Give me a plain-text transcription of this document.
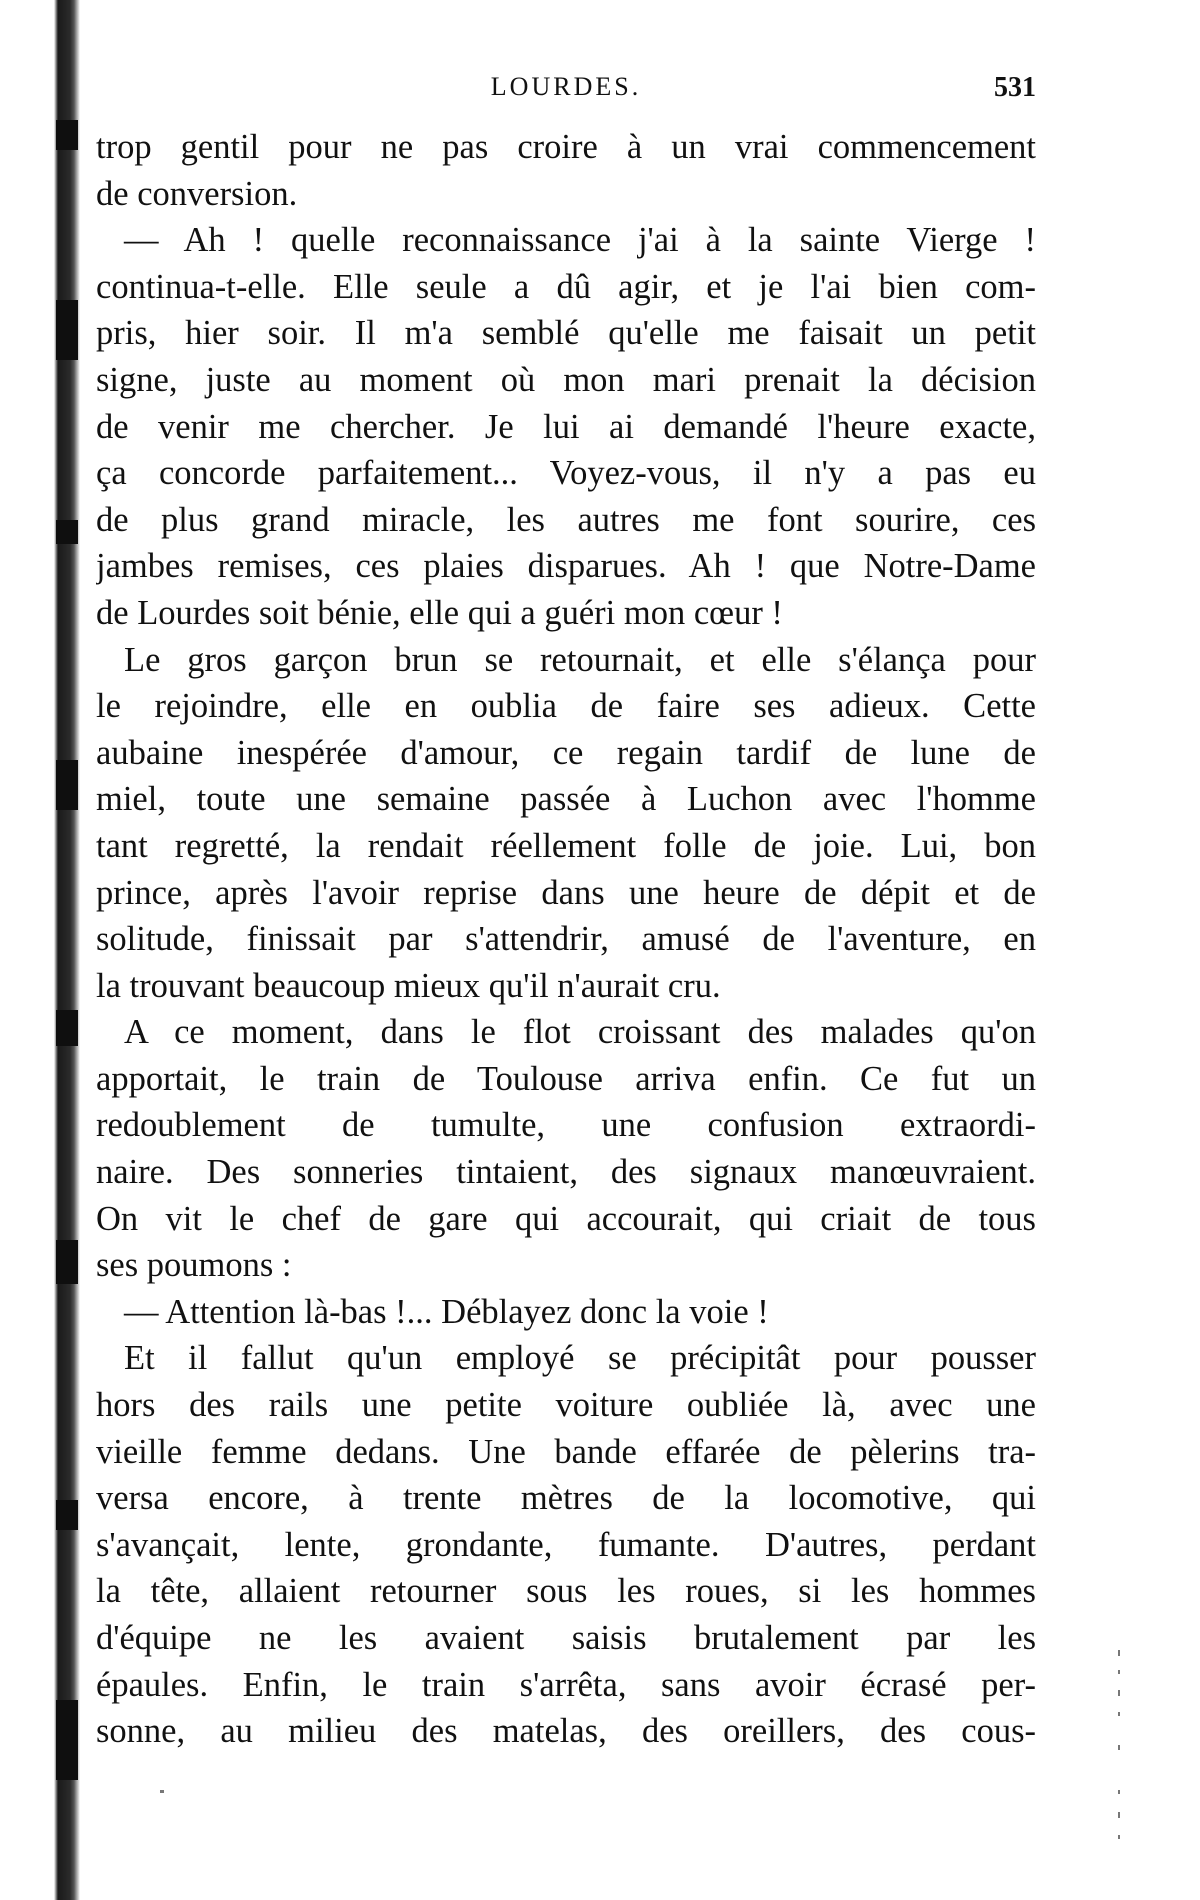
LOURDES.	531
trop gentil pour ne pas croire à un vrai commencement
de conversion.
— Ah ! quelle reconnaissance j'ai à la sainte Vierge !
continua-t-elle. Elle seule a dû agir, et je l'ai bien com-
pris, hier soir. Il m'a semblé qu'elle me faisait un petit
signe, juste au moment où mon mari prenait la décision
de venir me chercher. Je lui ai demandé l'heure exacte,
ça concorde parfaitement... Voyez-vous, il n'y a pas eu
de plus grand miracle, les autres me font sourire, ces
jambes remises, ces plaies disparues. Ah ! que Notre-Dame
de Lourdes soit bénie, elle qui a guéri mon cœur !
Le gros garçon brun se retournait, et elle s'élança pour
le rejoindre, elle en oublia de faire ses adieux. Cette
aubaine inespérée d'amour, ce regain tardif de lune de
miel, toute une semaine passée à Luchon avec l'homme
tant regretté, la rendait réellement folle de joie. Lui, bon
prince, après l'avoir reprise dans une heure de dépit et de
solitude, finissait par s'attendrir, amusé de l'aventure, en
la trouvant beaucoup mieux qu'il n'aurait cru.
A ce moment, dans le flot croissant des malades qu'on
apportait, le train de Toulouse arriva enfin. Ce fut un
redoublement de tumulte, une confusion extraordi-
naire. Des sonneries tintaient, des signaux manœuvraient.
On vit le chef de gare qui accourait, qui criait de tous
ses poumons :
— Attention là-bas !... Déblayez donc la voie !
Et il fallut qu'un employé se précipitât pour pousser
hors des rails une petite voiture oubliée là, avec une
vieille femme dedans. Une bande effarée de pèlerins tra-
versa encore, à trente mètres de la locomotive, qui
s'avançait, lente, grondante, fumante. D'autres, perdant
la tête, allaient retourner sous les roues, si les hommes
d'équipe ne les avaient saisis brutalement par les
épaules. Enfin, le train s'arrêta, sans avoir écrasé per-
sonne, au milieu des matelas, des oreillers, des cous-
